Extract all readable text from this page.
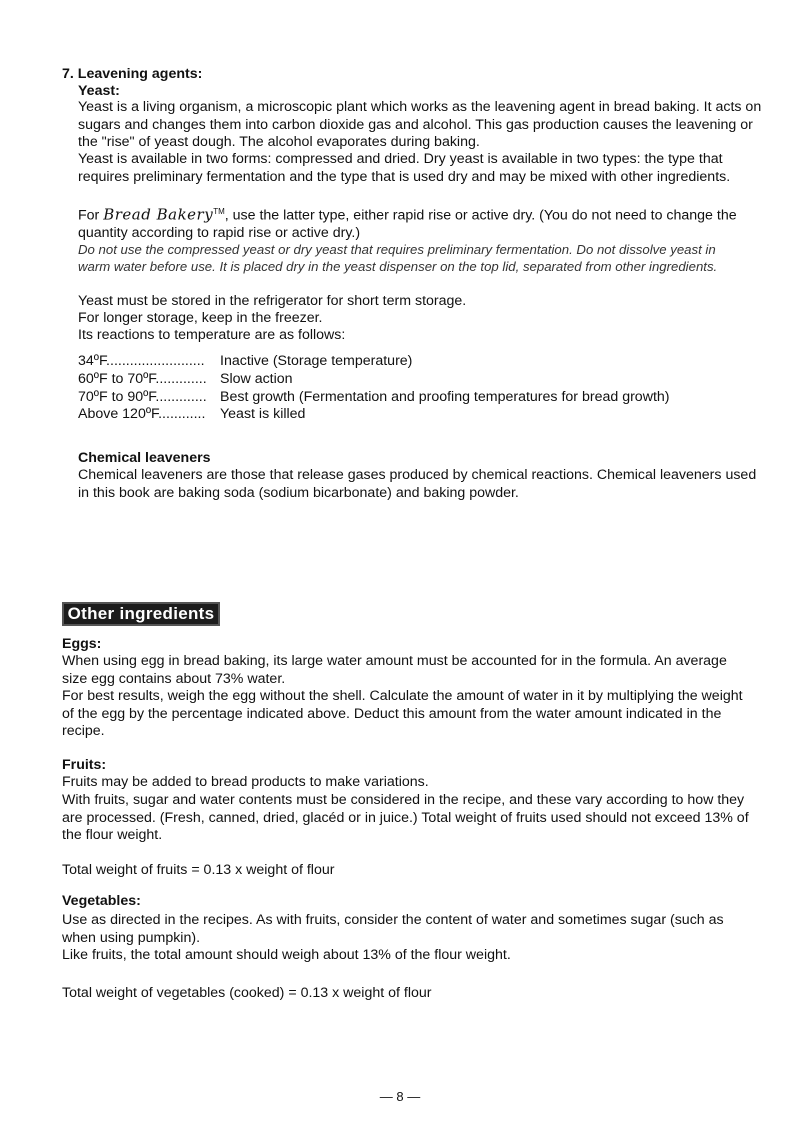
7. Leavening agents:
Yeast:

Yeast is a living organism, a microscopic plant which works as the leavening agent in bread baking. It acts on sugars and changes them into carbon dioxide gas and alcohol. This gas production causes the leavening or the "rise" of yeast dough. The alcohol evaporates during baking.

Yeast is available in two forms: compressed and dried. Dry yeast is available in two types: the type that requires preliminary fermentation and the type that is used dry and may be mixed with other ingredients.

For Bread Bakery™, use the latter type, either rapid rise or active dry. (You do not need to change the quantity according to rapid rise or active dry.)

Do not use the compressed yeast or dry yeast that requires preliminary fermentation. Do not dissolve yeast in warm water before use. It is placed dry in the yeast dispenser on the top lid, separated from other ingredients.

Yeast must be stored in the refrigerator for short term storage.

For longer storage, keep in the freezer.

Its reactions to temperature are as follows:

34ºF......................... Inactive (Storage temperature)
60ºF to 70ºF............. Slow action
70ºF to 90ºF............. Best growth (Fermentation and proofing temperatures for bread growth)
Above 120ºF............ Yeast is killed
Chemical leaveners

Chemical leaveners are those that release gases produced by chemical reactions. Chemical leaveners used in this book are baking soda (sodium bicarbonate) and baking powder.

Other ingredients
Eggs:

When using egg in bread baking, its large water amount must be accounted for in the formula. An average size egg contains about 73% water.

For best results, weigh the egg without the shell. Calculate the amount of water in it by multiplying the weight of the egg by the percentage indicated above. Deduct this amount from the water amount indicated in the recipe.

Fruits:

Fruits may be added to bread products to make variations.

With fruits, sugar and water contents must be considered in the recipe, and these vary according to how they are processed. (Fresh, canned, dried, glacéd or in juice.) Total weight of fruits used should not exceed 13% of the flour weight.

Total weight of fruits = 0.13 x weight of flour

Vegetables:

Use as directed in the recipes. As with fruits, consider the content of water and sometimes sugar (such as when using pumpkin).

Like fruits, the total amount should weigh about 13% of the flour weight.

Total weight of vegetables (cooked) = 0.13 x weight of flour

— 8 —
